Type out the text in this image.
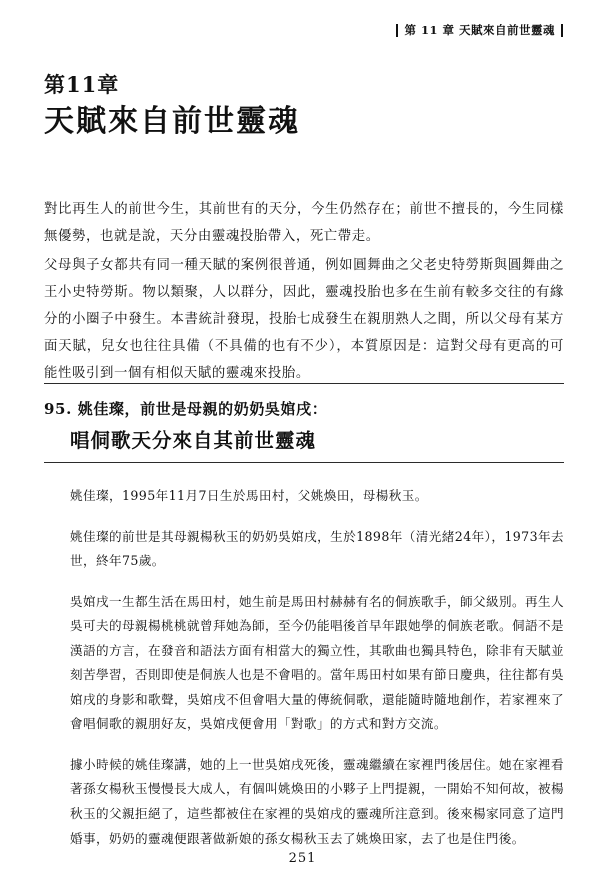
第 11 章 天賦來自前世靈魂
第11章
天賦來自前世靈魂

對比再生人的前世今生，其前世有的天分，今生仍然存在；前世不擅長的，今生同樣無優勢，也就是說，天分由靈魂投胎帶入，死亡帶走。

父母與子女都共有同一種天賦的案例很普通，例如圓舞曲之父老史特勞斯與圓舞曲之王小史特勞斯。物以類聚，人以群分，因此，靈魂投胎也多在生前有較多交往的有緣分的小圈子中發生。本書統計發現，投胎七成發生在親朋熟人之間，所以父母有某方面天賦，兒女也往往具備（不具備的也有不少），本質原因是：這對父母有更高的可能性吸引到一個有相似天賦的靈魂來投胎。

95. 姚佳璨，前世是母親的奶奶吳婠戌：
唱侗歌天分來自其前世靈魂

姚佳璨，1995年11月7日生於馬田村，父姚煥田，母楊秋玉。

姚佳璨的前世是其母親楊秋玉的奶奶吳婠戌，生於1898年（清光緒24年），1973年去世，終年75歲。

吳婠戌一生都生活在馬田村，她生前是馬田村赫赫有名的侗族歌手，師父級別。再生人吳可夫的母親楊桃桃就曾拜她為師，至今仍能唱後首早年跟她學的侗族老歌。侗語不是漢語的方言，在發音和語法方面有相當大的獨立性，其歌曲也獨具特色，除非有天賦並刻苦學習，否則即使是侗族人也是不會唱的。當年馬田村如果有節日慶典，往往都有吳婠戌的身影和歌聲，吳婠戌不但會唱大量的傳統侗歌，還能隨時隨地創作，若家裡來了會唱侗歌的親朋好友，吳婠戌便會用「對歌」的方式和對方交流。

據小時候的姚佳璨講，她的上一世吳婠戌死後，靈魂繼續在家裡門後居住。她在家裡看著孫女楊秋玉慢慢長大成人，有個叫姚煥田的小夥子上門提親，一開始不知何故，被楊秋玉的父親拒絕了，這些都被住在家裡的吳婠戌的靈魂所注意到。後來楊家同意了這門婚事，奶奶的靈魂便跟著做新娘的孫女楊秋玉去了姚煥田家，去了也是住門後。

251
